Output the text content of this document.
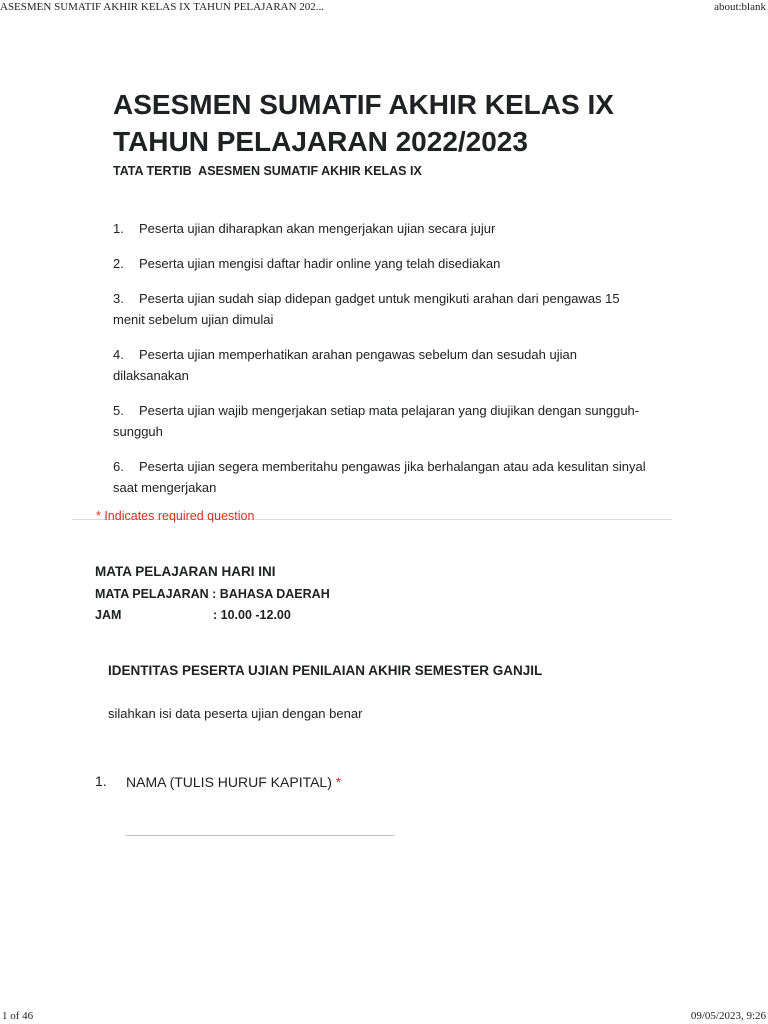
ASESMEN SUMATIF AKHIR KELAS IX TAHUN PELAJARAN 202...	about:blank
ASESMEN SUMATIF AKHIR KELAS IX TAHUN PELAJARAN 2022/2023
TATA TERTIB  ASESMEN SUMATIF AKHIR KELAS IX
1. Peserta ujian diharapkan akan mengerjakan ujian secara jujur
2. Peserta ujian mengisi daftar hadir online yang telah disediakan
3. Peserta ujian sudah siap didepan gadget untuk mengikuti arahan dari pengawas 15 menit sebelum ujian dimulai
4. Peserta ujian memperhatikan arahan pengawas sebelum dan sesudah ujian dilaksanakan
5. Peserta ujian wajib mengerjakan setiap mata pelajaran yang diujikan dengan sungguh-sungguh
6. Peserta ujian segera memberitahu pengawas jika berhalangan atau ada kesulitan sinyal saat mengerjakan
* Indicates required question
MATA PELAJARAN HARI INI
MATA PELAJARAN : BAHASA DAERAH
JAM	: 10.00 -12.00
IDENTITAS PESERTA UJIAN PENILAIAN AKHIR SEMESTER GANJIL
silahkan isi data peserta ujian dengan benar
1. NAMA (TULIS HURUF KAPITAL) *
1 of 46	09/05/2023, 9:26
